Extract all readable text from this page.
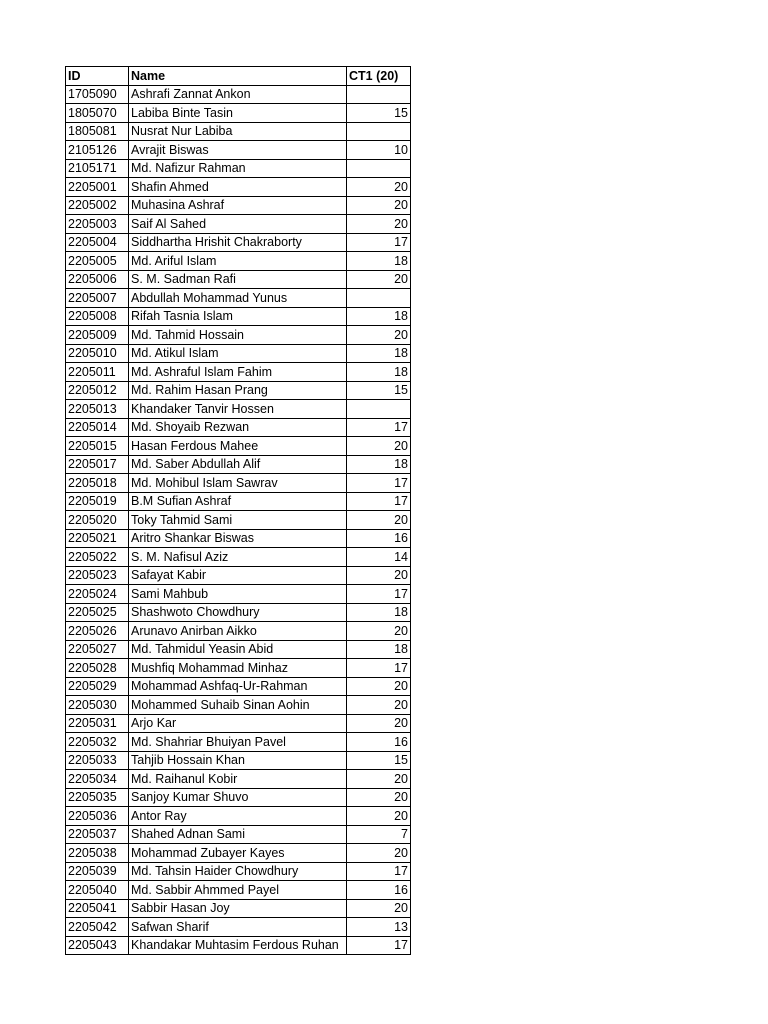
ID	Name	CT1 (20)
1705090	Ashrafi Zannat Ankon	
1805070	Labiba Binte Tasin	15
1805081	Nusrat Nur Labiba	
2105126	Avrajit Biswas	10
2105171	Md. Nafizur Rahman	
2205001	Shafin Ahmed	20
2205002	Muhasina Ashraf	20
2205003	Saif Al Sahed	20
2205004	Siddhartha Hrishit Chakraborty	17
2205005	Md. Ariful Islam	18
2205006	S. M. Sadman Rafi	20
2205007	Abdullah Mohammad Yunus	
2205008	Rifah Tasnia Islam	18
2205009	Md. Tahmid Hossain	20
2205010	Md. Atikul Islam	18
2205011	Md. Ashraful Islam Fahim	18
2205012	Md. Rahim Hasan Prang	15
2205013	Khandaker Tanvir Hossen	
2205014	Md. Shoyaib Rezwan	17
2205015	Hasan Ferdous Mahee	20
2205017	Md. Saber Abdullah Alif	18
2205018	Md. Mohibul Islam Sawrav	17
2205019	B.M Sufian Ashraf	17
2205020	Toky Tahmid Sami	20
2205021	Aritro Shankar Biswas	16
2205022	S. M. Nafisul Aziz	14
2205023	Safayat Kabir	20
2205024	Sami Mahbub	17
2205025	Shashwoto Chowdhury	18
2205026	Arunavo Anirban Aikko	20
2205027	Md. Tahmidul Yeasin Abid	18
2205028	Mushfiq Mohammad Minhaz	17
2205029	Mohammad Ashfaq-Ur-Rahman	20
2205030	Mohammed Suhaib Sinan Aohin	20
2205031	Arjo Kar	20
2205032	Md. Shahriar Bhuiyan Pavel	16
2205033	Tahjib Hossain Khan	15
2205034	Md. Raihanul Kobir	20
2205035	Sanjoy Kumar Shuvo	20
2205036	Antor Ray	20
2205037	Shahed Adnan Sami	7
2205038	Mohammad Zubayer Kayes	20
2205039	Md. Tahsin Haider Chowdhury	17
2205040	Md. Sabbir Ahmmed Payel	16
2205041	Sabbir Hasan Joy	20
2205042	Safwan Sharif	13
2205043	Khandakar Muhtasim Ferdous Ruhan	17
